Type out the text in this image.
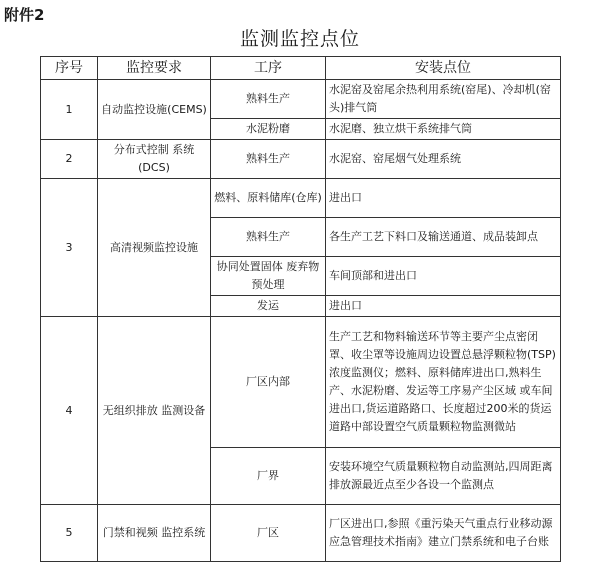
附件2
监测监控点位
序号	监控要求	工序	安装点位
1	自动监控设施(CEMS)	熟料生产	水泥窑及窑尾余热利用系统(窑尾)、冷却机(窑头)排气筒
		水泥粉磨	水泥磨、独立烘干系统排气筒
2	分布式控制 系统(DCS)	熟料生产	水泥窑、窑尾烟气处理系统
3	高清视频监控设施	燃料、原料储库(仓库)	进出口
		熟料生产	各生产工艺下料口及输送通道、成品装卸点
		协同处置固体 废弃物预处理	车间顶部和进出口
		发运	进出口
4	无组织排放 监测设备	厂区内部	生产工艺和物料输送环节等主要产尘点密闭罩、收尘罩等设施周边设置总悬浮颗粒物(TSP)浓度监测仪；燃料、原料储库进出口,熟料生产、水泥粉磨、发运等工序易产尘区域 或车间进出口,货运道路路口、长度超过200米的货运道路中部设置空气质量颗粒物监测微站
		厂界	安装环境空气质量颗粒物自动监测站,四周距离排放源最近点至少各设一个监测点
5	门禁和视频 监控系统	厂区	厂区进出口,参照《重污染天气重点行业移动源应急管理技术指南》建立门禁系统和电子台账
